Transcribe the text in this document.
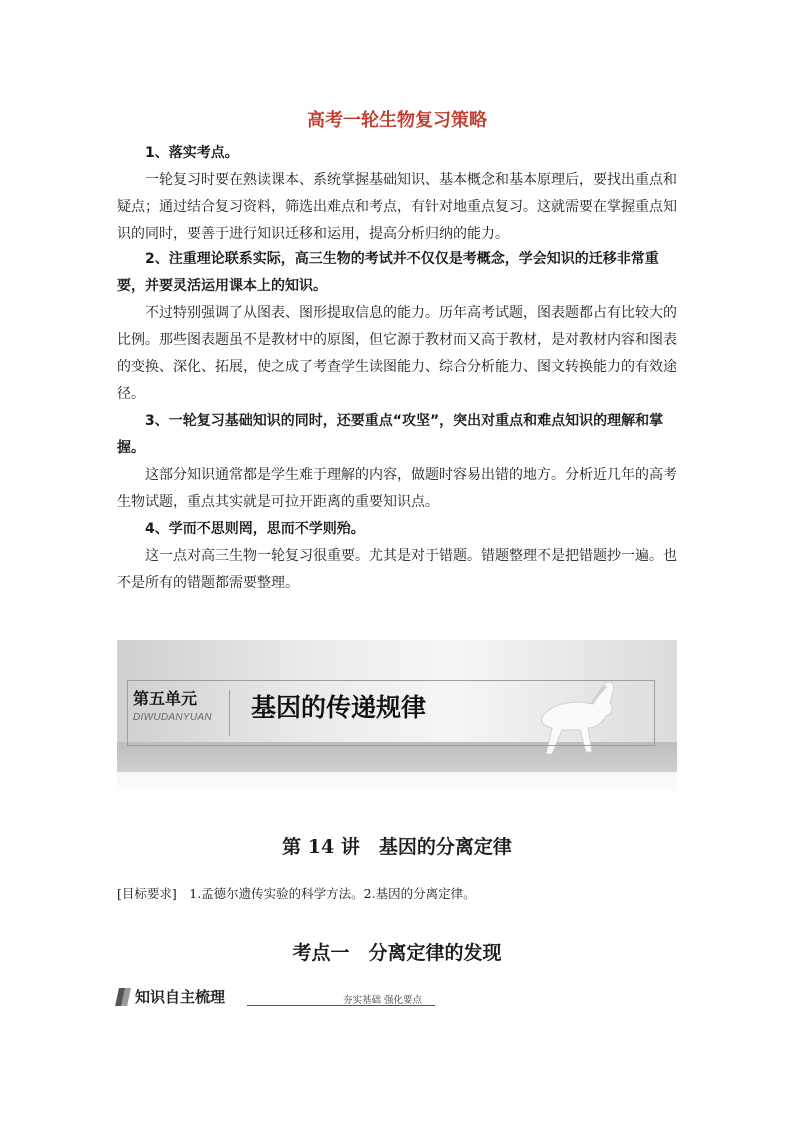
高考一轮生物复习策略

1、落实考点。

一轮复习时要在熟读课本、系统掌握基础知识、基本概念和基本原理后，要找出重点和疑点；通过结合复习资料，筛选出难点和考点，有针对地重点复习。这就需要在掌握重点知识的同时，要善于进行知识迁移和运用，提高分析归纳的能力。

2、注重理论联系实际，高三生物的考试并不仅仅是考概念，学会知识的迁移非常重要，并要灵活运用课本上的知识。

不过特别强调了从图表、图形提取信息的能力。历年高考试题，图表题都占有比较大的比例。那些图表题虽不是教材中的原图，但它源于教材而又高于教材，是对教材内容和图表的变换、深化、拓展，使之成了考查学生读图能力、综合分析能力、图文转换能力的有效途径。

3、一轮复习基础知识的同时，还要重点“攻坚”，突出对重点和难点知识的理解和掌握。

这部分知识通常都是学生难于理解的内容，做题时容易出错的地方。分析近几年的高考生物试题，重点其实就是可拉开距离的重要知识点。

4、学而不思则罔，思而不学则殆。

这一点对高三生物一轮复习很重要。尤其是对于错题。错题整理不是把错题抄一遍。也不是所有的错题都需要整理。

第五单元
DIWUDANYUAN 基因的传递规律
第 14 讲　基因的分离定律
[目标要求]　1.孟德尔遗传实验的科学方法。2.基因的分离定律。
考点一　分离定律的发现
知识自主梳理	夯实基础 强化要点
